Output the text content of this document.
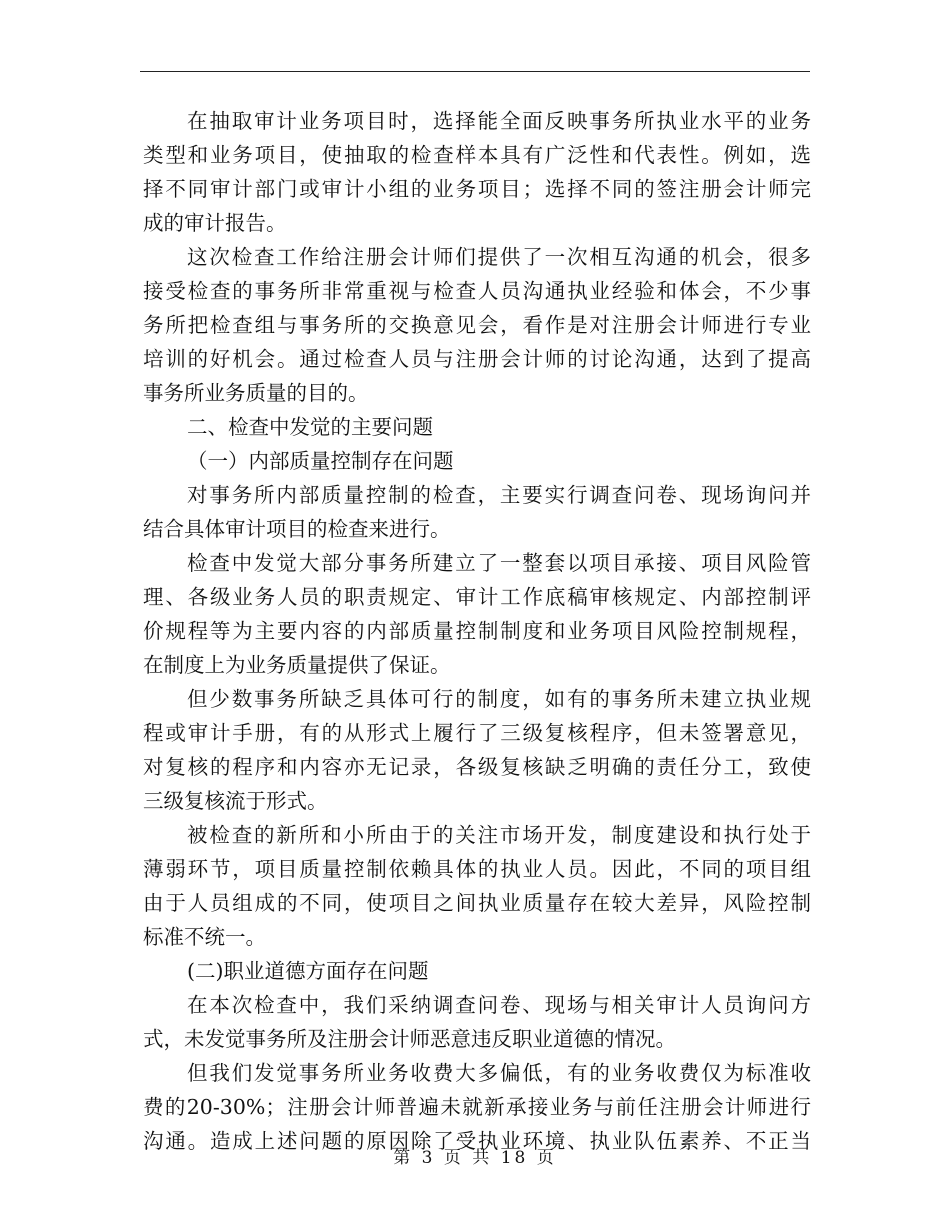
在抽取审计业务项目时，选择能全面反映事务所执业水平的业务
类型和业务项目，使抽取的检查样本具有广泛性和代表性。例如，选
择不同审计部门或审计小组的业务项目；选择不同的签注册会计师完
成的审计报告。
这次检查工作给注册会计师们提供了一次相互沟通的机会，很多
接受检查的事务所非常重视与检查人员沟通执业经验和体会，不少事
务所把检查组与事务所的交换意见会，看作是对注册会计师进行专业
培训的好机会。通过检查人员与注册会计师的讨论沟通，达到了提高
事务所业务质量的目的。
二、检查中发觉的主要问题
（一）内部质量控制存在问题
对事务所内部质量控制的检查，主要实行调查问卷、现场询问并
结合具体审计项目的检查来进行。
检查中发觉大部分事务所建立了一整套以项目承接、项目风险管
理、各级业务人员的职责规定、审计工作底稿审核规定、内部控制评
价规程等为主要内容的内部质量控制制度和业务项目风险控制规程，
在制度上为业务质量提供了保证。
但少数事务所缺乏具体可行的制度，如有的事务所未建立执业规
程或审计手册，有的从形式上履行了三级复核程序，但未签署意见，
对复核的程序和内容亦无记录，各级复核缺乏明确的责任分工，致使
三级复核流于形式。
被检查的新所和小所由于的关注市场开发，制度建设和执行处于
薄弱环节，项目质量控制依赖具体的执业人员。因此，不同的项目组
由于人员组成的不同，使项目之间执业质量存在较大差异，风险控制
标准不统一。
(二)职业道德方面存在问题
在本次检查中，我们采纳调查问卷、现场与相关审计人员询问方
式，未发觉事务所及注册会计师恶意违反职业道德的情况。
但我们发觉事务所业务收费大多偏低，有的业务收费仅为标准收
费的20-30%；注册会计师普遍未就新承接业务与前任注册会计师进行
沟通。造成上述问题的原因除了受执业环境、执业队伍素养、不正当
第 3 页 共 18 页
